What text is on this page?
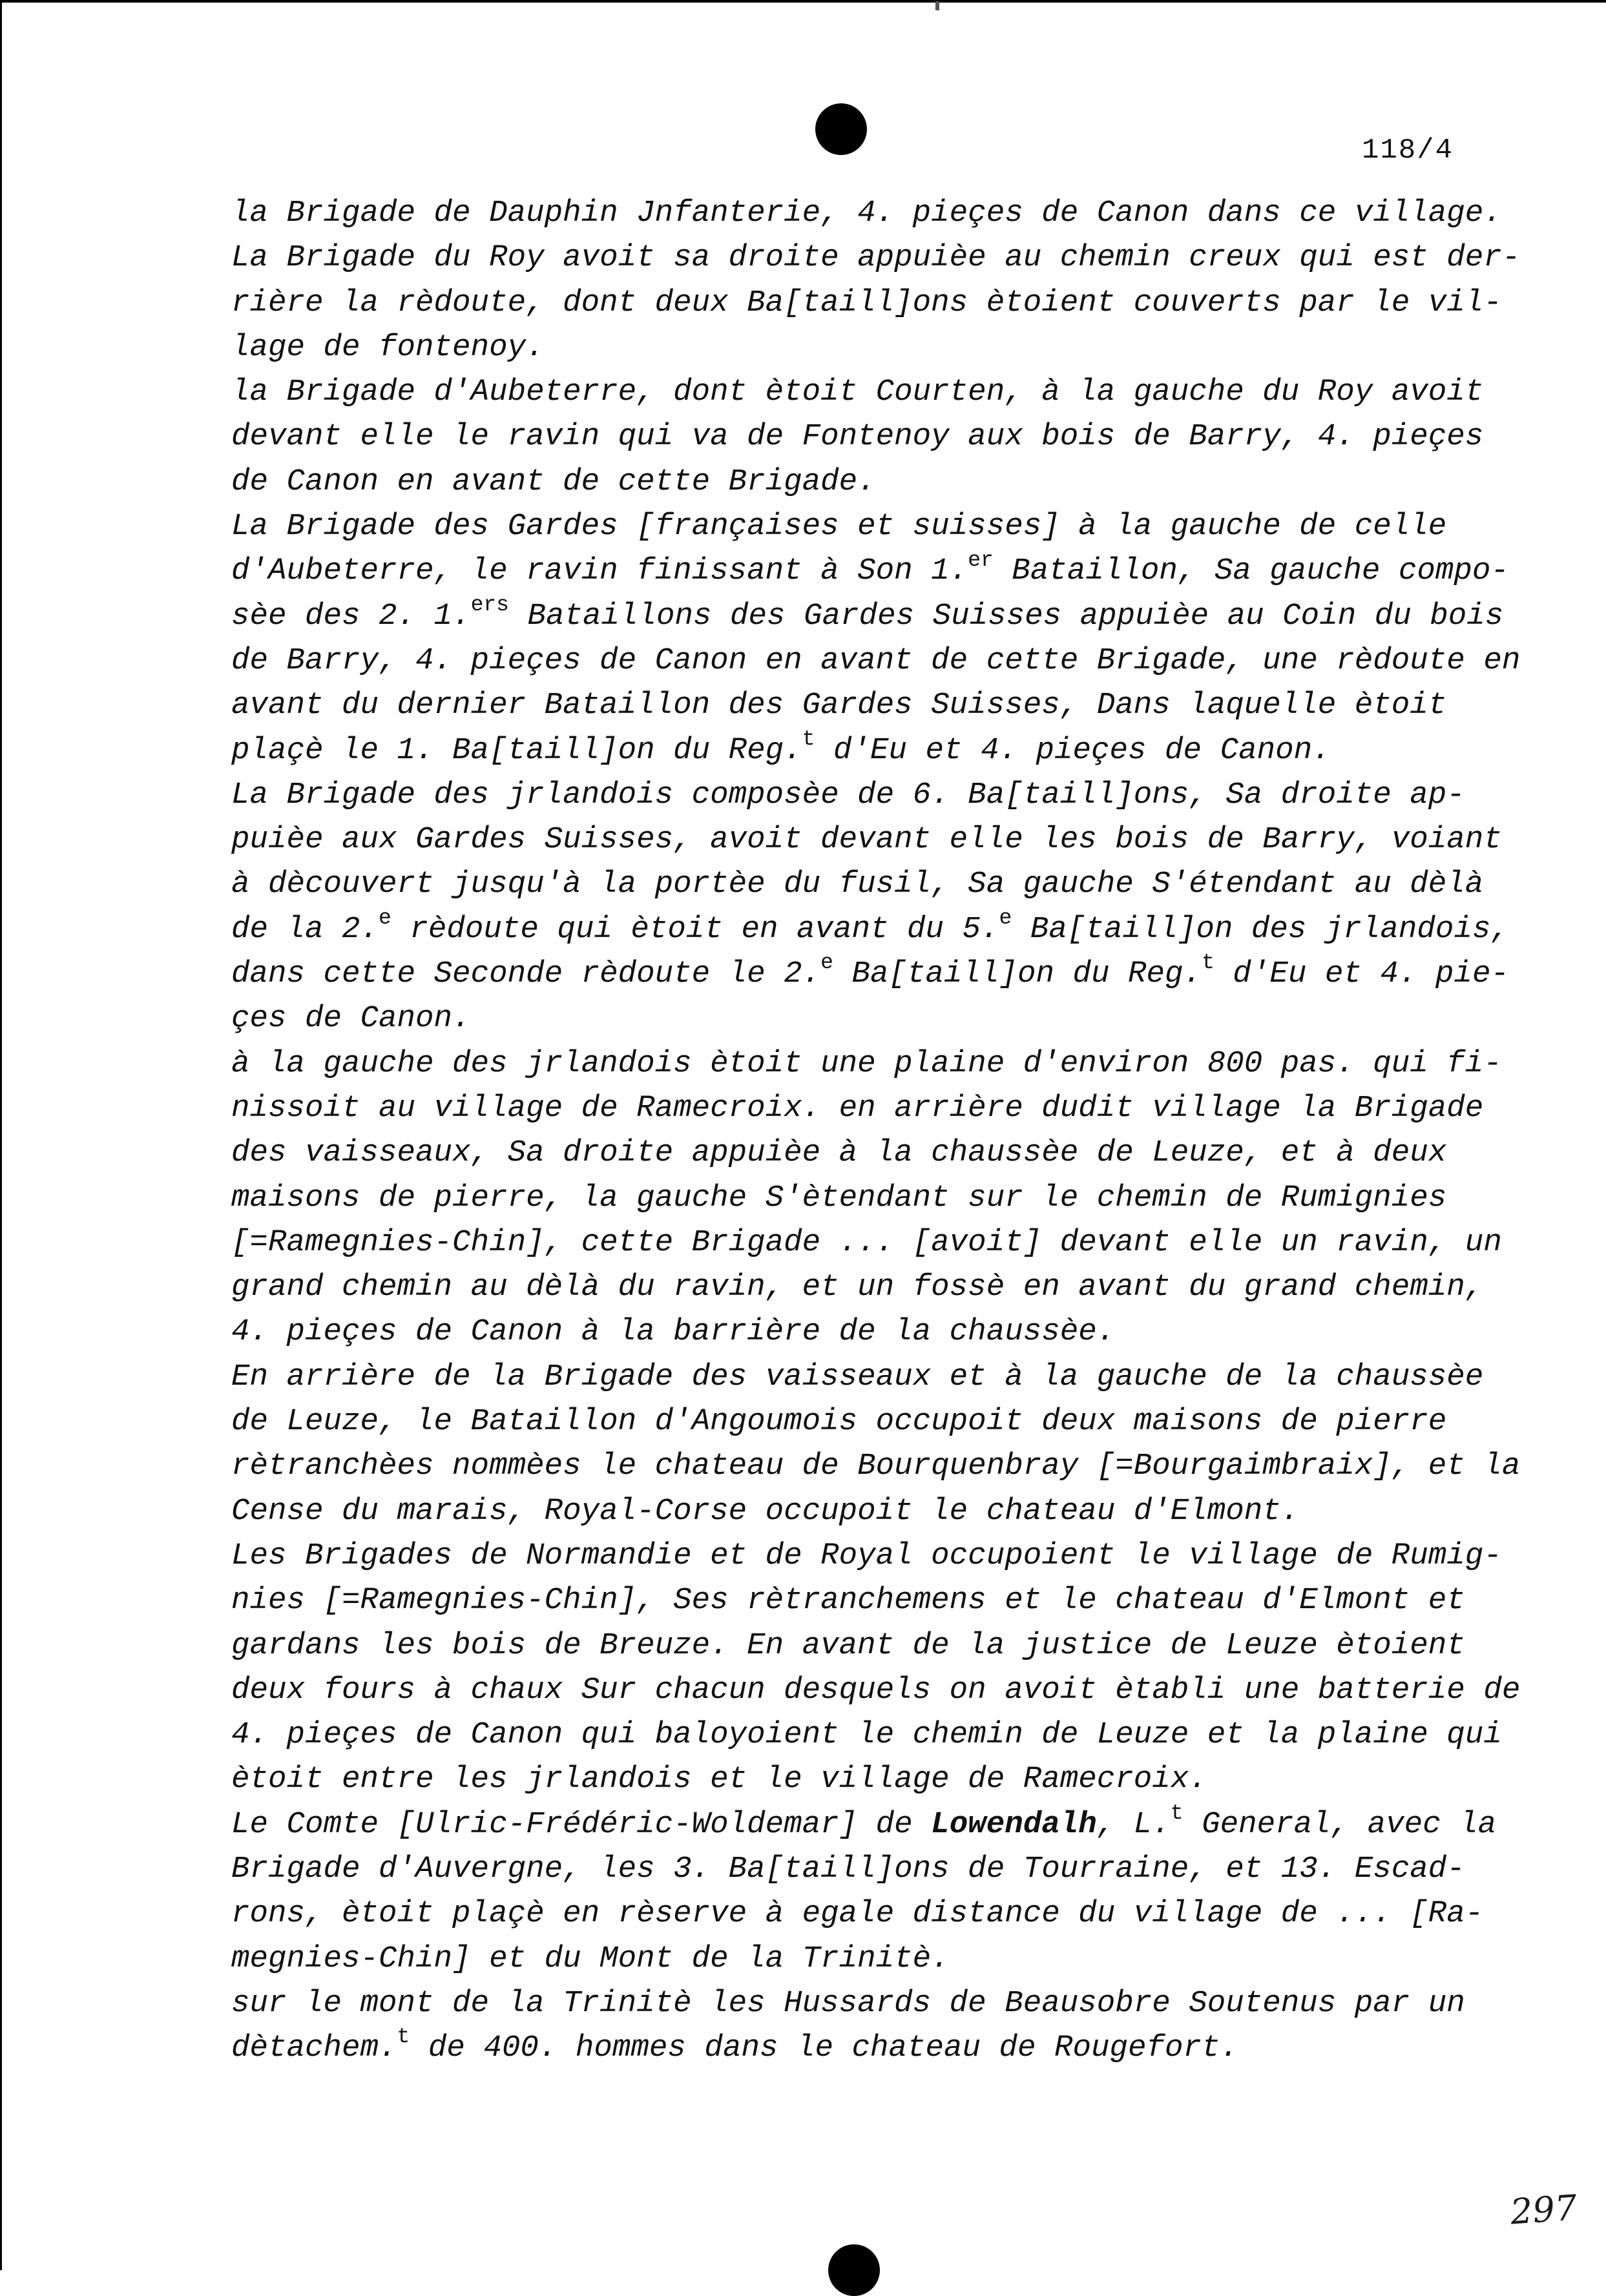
118/4
la Brigade de Dauphin Jnfanterie, 4. pieçes de Canon dans ce village.
La Brigade du Roy avoit sa droite appuièe au chemin creux qui est der-
rière la rèdoute, dont deux Ba[taill]ons ètoient couverts par le vil-
lage de fontenoy.
la Brigade d'Aubeterre, dont ètoit Courten, à la gauche du Roy avoit
devant elle le ravin qui va de Fontenoy aux bois de Barry, 4. pieçes
de Canon en avant de cette Brigade.
La Brigade des Gardes [françaises et suisses] à la gauche de celle
d'Aubeterre, le ravin finissant à Son 1.$^{er}$ Bataillon, Sa gauche compo-
sèe des 2. 1.$^{ers}$ Bataillons des Gardes Suisses appuièe au Coin du bois
de Barry, 4. pieçes de Canon en avant de cette Brigade, une rèdoute en
avant du dernier Bataillon des Gardes Suisses, Dans laquelle ètoit
plaçè le 1. Ba[taill]on du Reg.$^t$ d'Eu et 4. pieçes de Canon.
La Brigade des jrlandois composèe de 6. Ba[taill]ons, Sa droite ap-
puièe aux Gardes Suisses, avoit devant elle les bois de Barry, voiant
à dècouvert jusqu'à la portèe du fusil, Sa gauche S'étendant au dèlà
de la 2.$^e$ rèdoute qui ètoit en avant du 5.$^e$ Ba[taill]on des jrlandois,
dans cette Seconde rèdoute le 2.$^e$ Ba[taill]on du Reg.$^t$ d'Eu et 4. pie-
çes de Canon.
à la gauche des jrlandois ètoit une plaine d'environ 800 pas. qui fi-
nissoit au village de Ramecroix. en arrière dudit village la Brigade
des vaisseaux, Sa droite appuièe à la chaussèe de Leuze, et à deux
maisons de pierre, la gauche S'ètendant sur le chemin de Rumignies
[=Ramegnies-Chin], cette Brigade ... [avoit] devant elle un ravin, un
grand chemin au dèlà du ravin, et un fossè en avant du grand chemin,
4. pieçes de Canon à la barrière de la chaussèe.
En arrière de la Brigade des vaisseaux et à la gauche de la chaussèe
de Leuze, le Bataillon d'Angoumois occupoit deux maisons de pierre
rètranchèes nommèes le chateau de Bourquenbray [=Bourgaimbraix], et la
Cense du marais, Royal-Corse occupoit le chateau d'Elmont.
Les Brigades de Normandie et de Royal occupoient le village de Rumig-
nies [=Ramegnies-Chin], Ses rètranchemens et le chateau d'Elmont et
gardans les bois de Breuze. En avant de la justice de Leuze ètoient
deux fours à chaux Sur chacun desquels on avoit ètabli une batterie de
4. pieçes de Canon qui baloyoient le chemin de Leuze et la plaine qui
ètoit entre les jrlandois et le village de Ramecroix.
Le Comte [Ulric-Frédéric-Woldemar] de Lowendalh, L.$^t$ General, avec la
Brigade d'Auvergne, les 3. Ba[taill]ons de Tourraine, et 13. Escad-
rons, ètoit plaçè en rèserve à egale distance du village de ... [Ra-
megnies-Chin] et du Mont de la Trinitè.
sur le mont de la Trinitè les Hussards de Beausobre Soutenus par un
dètachem.$^t$ de 400. hommes dans le chateau de Rougefort.
297
